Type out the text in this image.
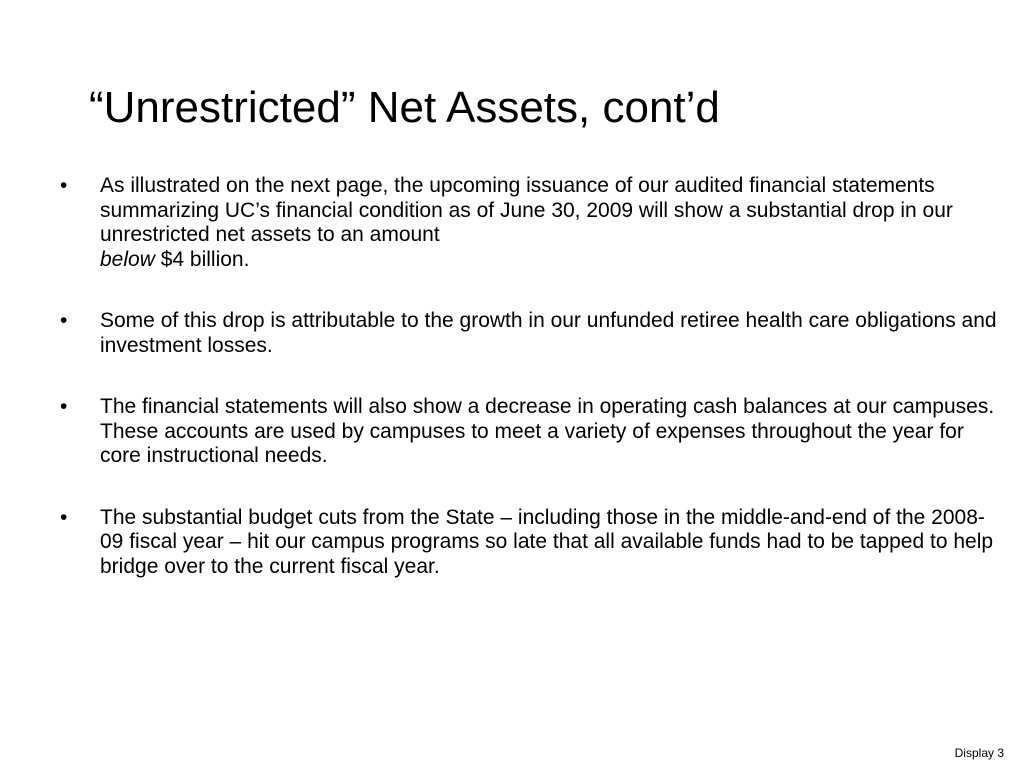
“Unrestricted” Net Assets, cont’d
•	As illustrated on the next page, the upcoming issuance of our audited financial statements summarizing UC’s financial condition as of June 30, 2009 will show a substantial drop in our unrestricted net assets to an amount
below $4 billion.
•	Some of this drop is attributable to the growth in our unfunded retiree health care obligations and investment losses.
•	The financial statements will also show a decrease in operating cash balances at our campuses. These accounts are used by campuses to meet a variety of expenses throughout the year for core instructional needs.
•	The substantial budget cuts from the State – including those in the middle-and-end of the 2008-09 fiscal year – hit our campus programs so late that all available funds had to be tapped to help bridge over to the current fiscal year.
Display 3
